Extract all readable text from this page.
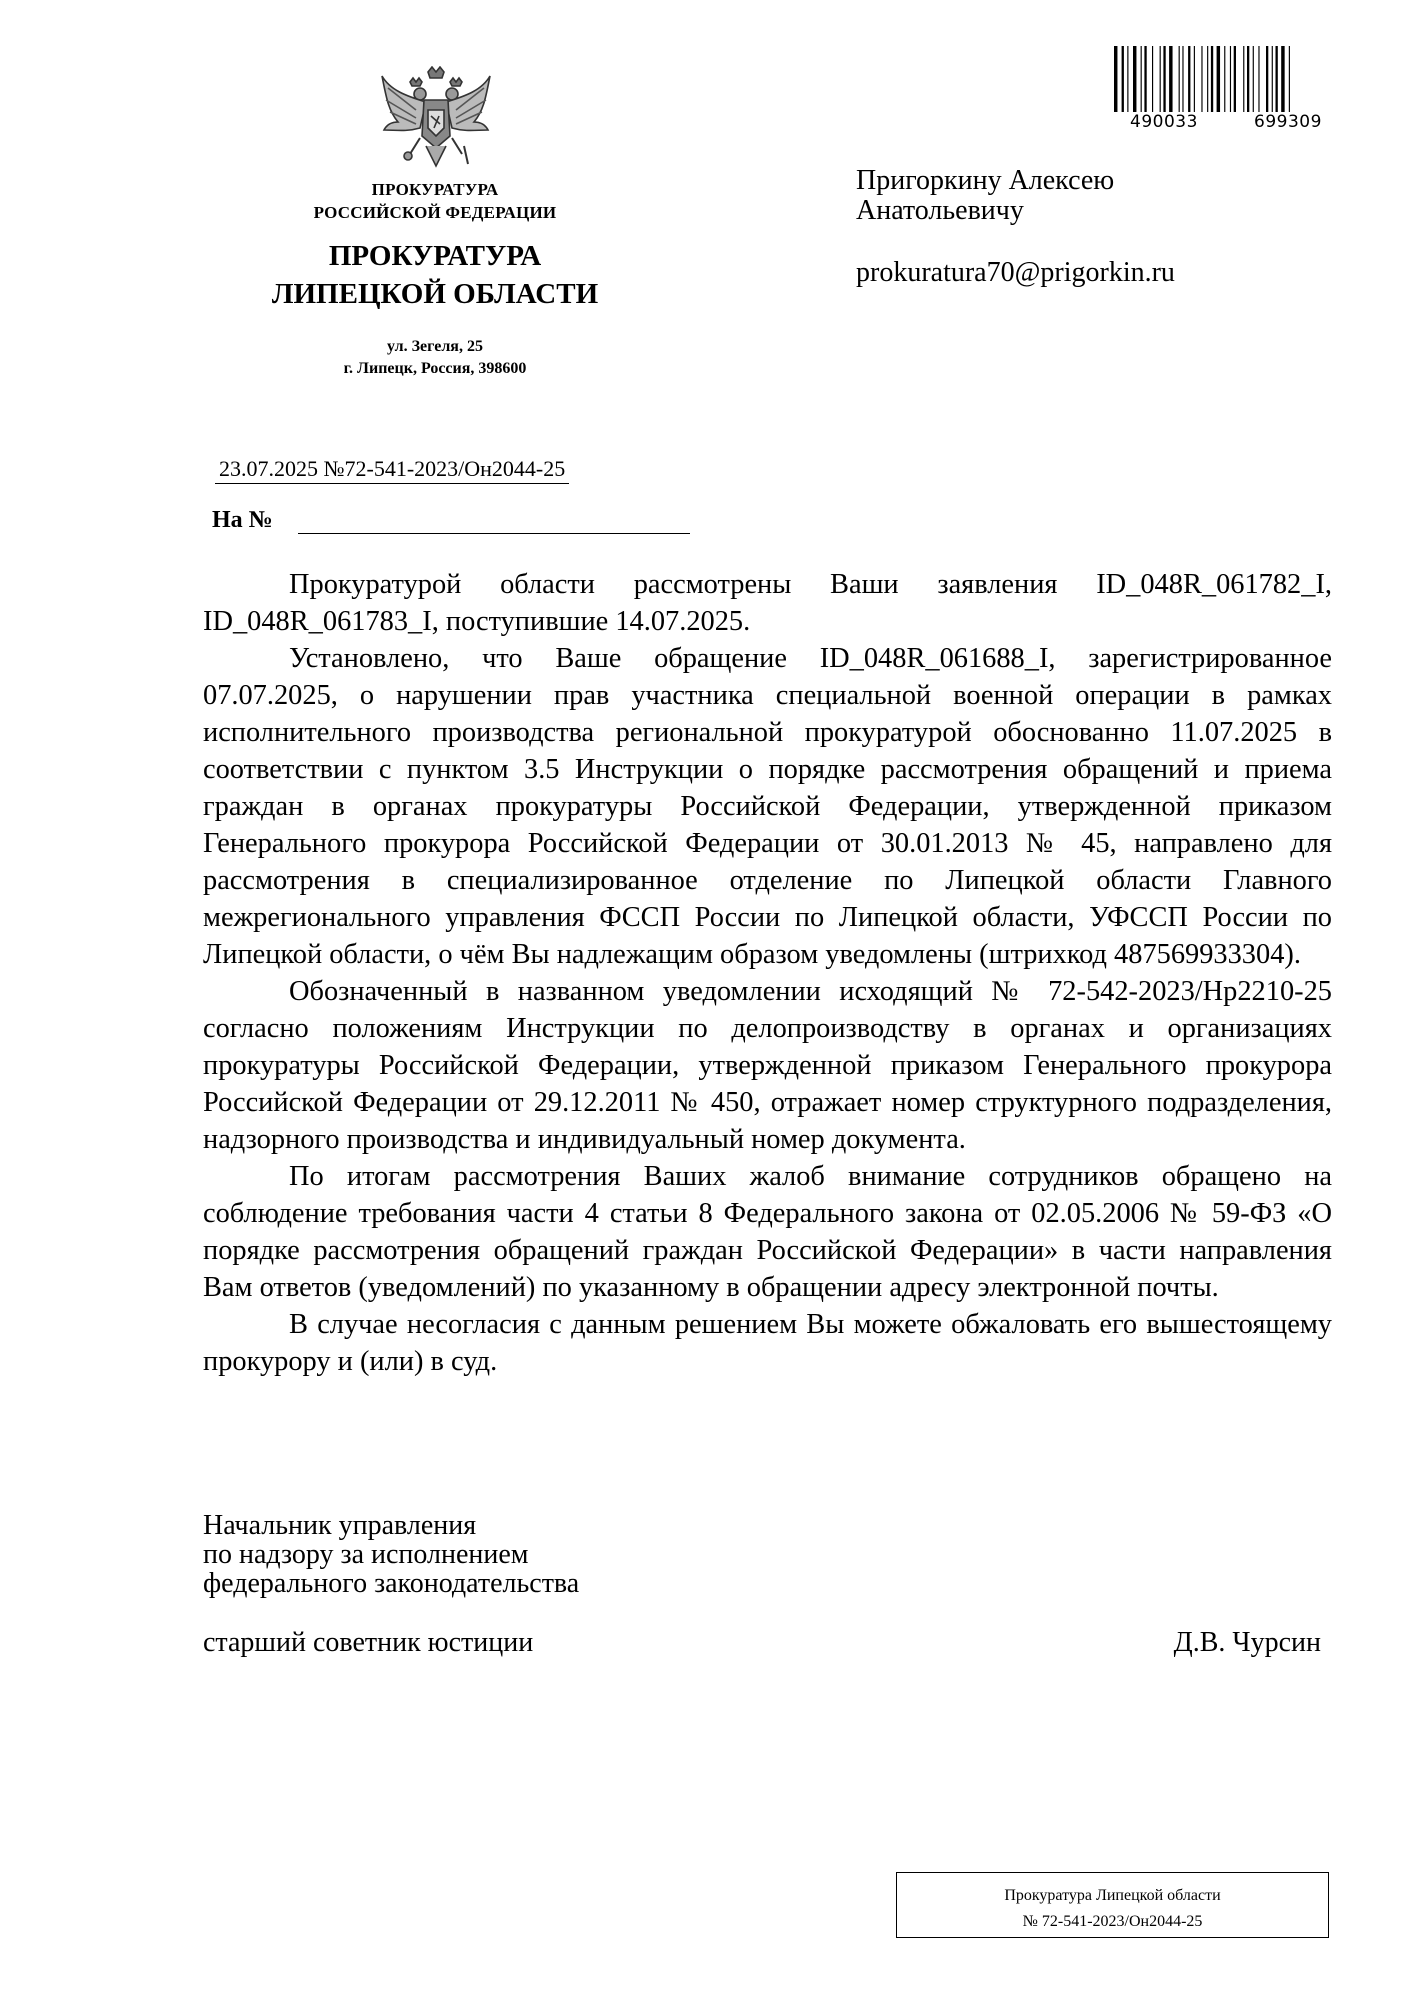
ПРОКУРАТУРА
РОССИЙСКОЙ ФЕДЕРАЦИИ
ПРОКУРАТУРА
ЛИПЕЦКОЙ ОБЛАСТИ
ул. Зегеля, 25
г. Липецк, Россия, 398600
490033	699309
Пригоркину Алексею
Анатольевичу
prokuratura70@prigorkin.ru
23.07.2025 №72-541-2023/Он2044-25
На №

Прокуратурой области рассмотрены Ваши заявления ID_048R_061782_I, ID_048R_061783_I, поступившие 14.07.2025.

Установлено, что Ваше обращение ID_048R_061688_I, зарегистрированное 07.07.2025, о нарушении прав участника специальной военной операции в рамках исполнительного производства региональной прокуратурой обоснованно 11.07.2025 в соответствии с пунктом 3.5 Инструкции о порядке рассмотрения обращений и приема граждан в органах прокуратуры Российской Федерации, утвержденной приказом Генерального прокурора Российской Федерации от 30.01.2013 № 45, направлено для рассмотрения в специализированное отделение по Липецкой области Главного межрегионального управления ФССП России по Липецкой области, УФССП России по Липецкой области, о чём Вы надлежащим образом уведомлены (штрихкод 487569933304).

Обозначенный в названном уведомлении исходящий № 72-542-2023/Нр2210-25 согласно положениям Инструкции по делопроизводству в органах и организациях прокуратуры Российской Федерации, утвержденной приказом Генерального прокурора Российской Федерации от 29.12.2011 № 450, отражает номер структурного подразделения, надзорного производства и индивидуальный номер документа.

По итогам рассмотрения Ваших жалоб внимание сотрудников обращено на соблюдение требования части 4 статьи 8 Федерального закона от 02.05.2006 № 59-ФЗ «О порядке рассмотрения обращений граждан Российской Федерации» в части направления Вам ответов (уведомлений) по указанному в обращении адресу электронной почты.

В случае несогласия с данным решением Вы можете обжаловать его вышестоящему прокурору и (или) в суд.

Начальник управления
по надзору за исполнением
федерального законодательства
старший советник юстиции	Д.В. Чурсин
Прокуратура Липецкой области
№ 72-541-2023/Он2044-25
